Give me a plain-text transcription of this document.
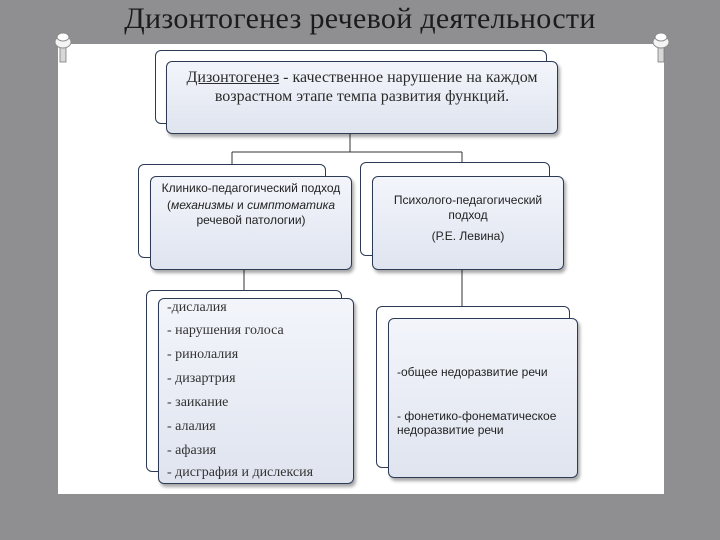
Дизонтогенез речевой деятельности
Дизонтогенез - качественное нарушение на каждом возрастном этапе темпа развития функций.
Клинико-педагогический подход
(механизмы и симптоматика речевой патологии)
Психолого-педагогический подход
(Р.Е. Левина)
-дислалия
- нарушения голоса
- ринолалия
- дизартрия
- заикание
- алалия
- афазия
- дисграфия и дислексия
-общее недоразвитие речи
- фонетико-фонематическое недоразвитие речи
